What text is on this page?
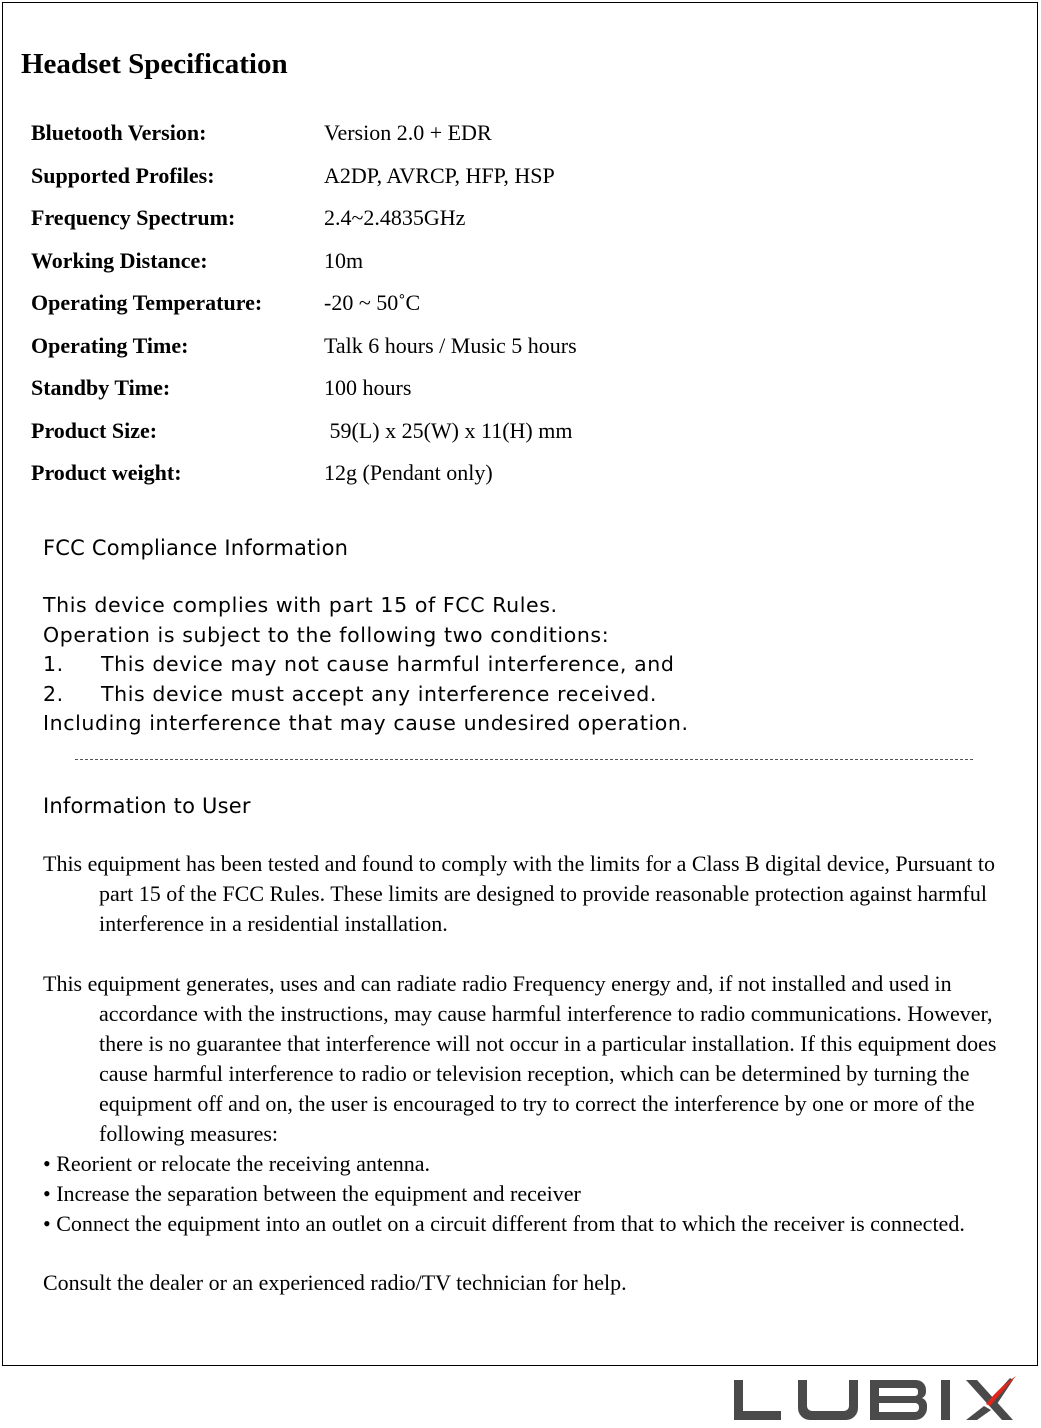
Headset Specification
Bluetooth Version:	Version 2.0 + EDR
Supported Profiles:	A2DP, AVRCP, HFP, HSP
Frequency Spectrum:	2.4~2.4835GHz
Working Distance:	10m
Operating Temperature:	-20 ~ 50˚C
Operating Time:	Talk 6 hours / Music 5 hours
Standby Time:	100 hours
Product Size:	59(L) x 25(W) x 11(H) mm
Product weight:	12g (Pendant only)
FCC Compliance Information
This device complies with part 15 of FCC Rules.
Operation is subject to the following two conditions:
1.	This device may not cause harmful interference, and
2.	This device must accept any interference received.
Including interference that may cause undesired operation.
Information to User

This equipment has been tested and found to comply with the limits for a Class B digital device, Pursuant to part 15 of the FCC Rules. These limits are designed to provide reasonable protection against harmful interference in a residential installation.

This equipment generates, uses and can radiate radio Frequency energy and, if not installed and used in accordance with the instructions, may cause harmful interference to radio communications. However, there is no guarantee that interference will not occur in a particular installation. If this equipment does cause harmful interference to radio or television reception, which can be determined by turning the equipment off and on, the user is encouraged to try to correct the interference by one or more of the following measures:

• Reorient or relocate the receiving antenna.

• Increase the separation between the equipment and receiver

• Connect the equipment into an outlet on a circuit different from that to which the receiver is connected.

Consult the dealer or an experienced radio/TV technician for help.
